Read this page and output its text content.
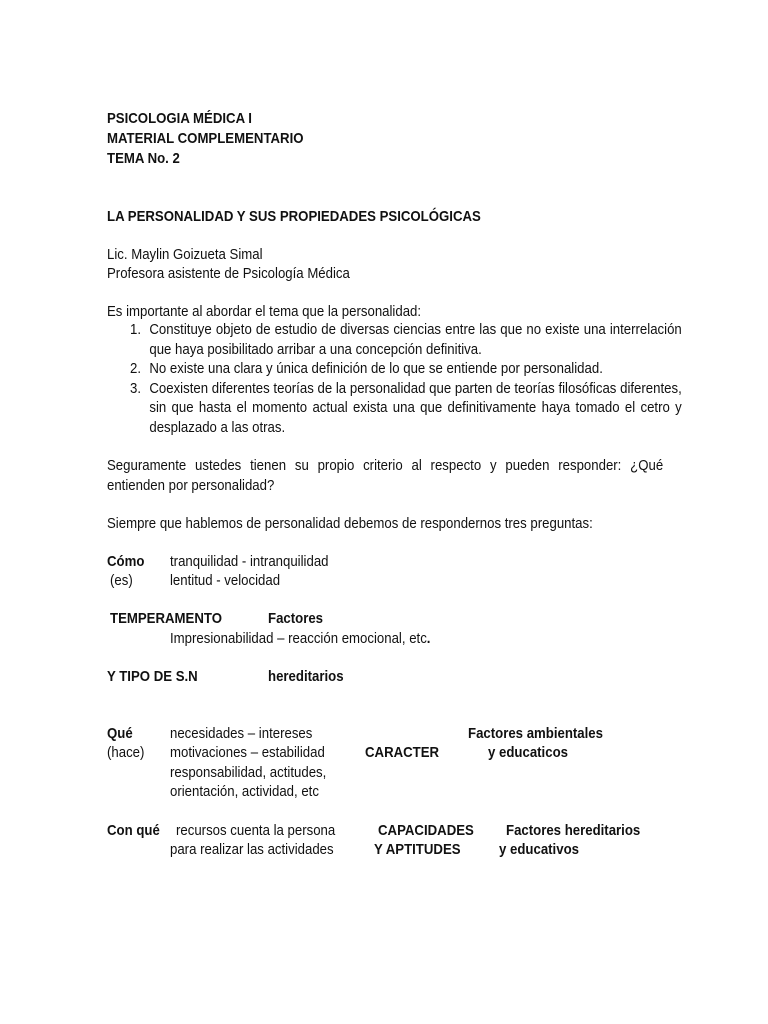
PSICOLOGIA MÉDICA I
MATERIAL COMPLEMENTARIO
TEMA No. 2
LA PERSONALIDAD Y SUS PROPIEDADES PSICOLÓGICAS
Lic. Maylin Goizueta Simal
Profesora asistente de Psicología Médica
Es importante al abordar el tema que la personalidad:
1. Constituye objeto de estudio de diversas ciencias entre las que no existe una interrelación que haya posibilitado arribar a una concepción definitiva.
2. No existe una clara y única definición de lo que se entiende por personalidad.
3. Coexisten diferentes teorías de la personalidad que parten de teorías filosóficas diferentes, sin que hasta el momento actual exista una que definitivamente haya tomado el cetro y desplazado a las otras.
Seguramente ustedes tienen su propio criterio al respecto y pueden responder: ¿Qué entienden por personalidad?
Siempre que hablemos de personalidad debemos de respondernos tres preguntas:
Cómo
(es)
tranquilidad - intranquilidad
lentitud - velocidad
TEMPERAMENTO	Factores
Impresionabilidad – reacción emocional, etc.
Y TIPO DE S.N	hereditarios
Qué
(hace)
necesidades – intereses
motivaciones – estabilidad
responsabilidad, actitudes,
orientación, actividad, etc
CARACTER
Factores ambientales
y educaticos
Con qué recursos cuenta la persona
para realizar las actividades
CAPACIDADES
Y APTITUDES
Factores hereditarios
y educativos
